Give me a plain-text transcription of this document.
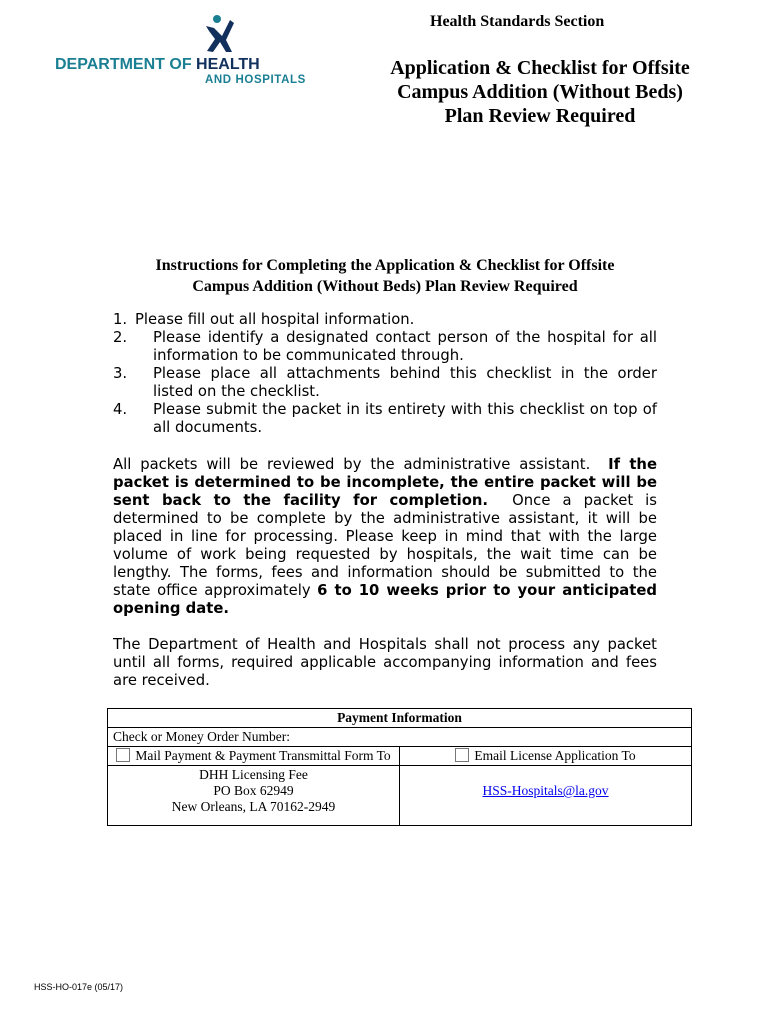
DEPARTMENT OF HEALTH
AND HOSPITALS
Health Standards Section
Application & Checklist for Offsite
Campus Addition (Without Beds)
Plan Review Required
Instructions for Completing the Application & Checklist for Offsite
Campus Addition (Without Beds) Plan Review Required
1. Please fill out all hospital information.
2. Please identify a designated contact person of the hospital for all information to be communicated through.
3. Please place all attachments behind this checklist in the order listed on the checklist.
4. Please submit the packet in its entirety with this checklist on top of all documents.
All packets will be reviewed by the administrative assistant. If the packet is determined to be incomplete, the entire packet will be sent back to the facility for completion. Once a packet is determined to be complete by the administrative assistant, it will be placed in line for processing. Please keep in mind that with the large volume of work being requested by hospitals, the wait time can be lengthy. The forms, fees and information should be submitted to the state office approximately 6 to 10 weeks prior to your anticipated opening date.
The Department of Health and Hospitals shall not process any packet until all forms, required applicable accompanying information and fees are received.
Payment Information	
Check or Money Order Number:	
Mail Payment & Payment Transmittal Form To	Email License Application To

DHH Licensing Fee
PO Box 62949
New Orleans, LA 70162-2949	HSS-Hospitals@la.gov
HSS-HO-017e (05/17)
